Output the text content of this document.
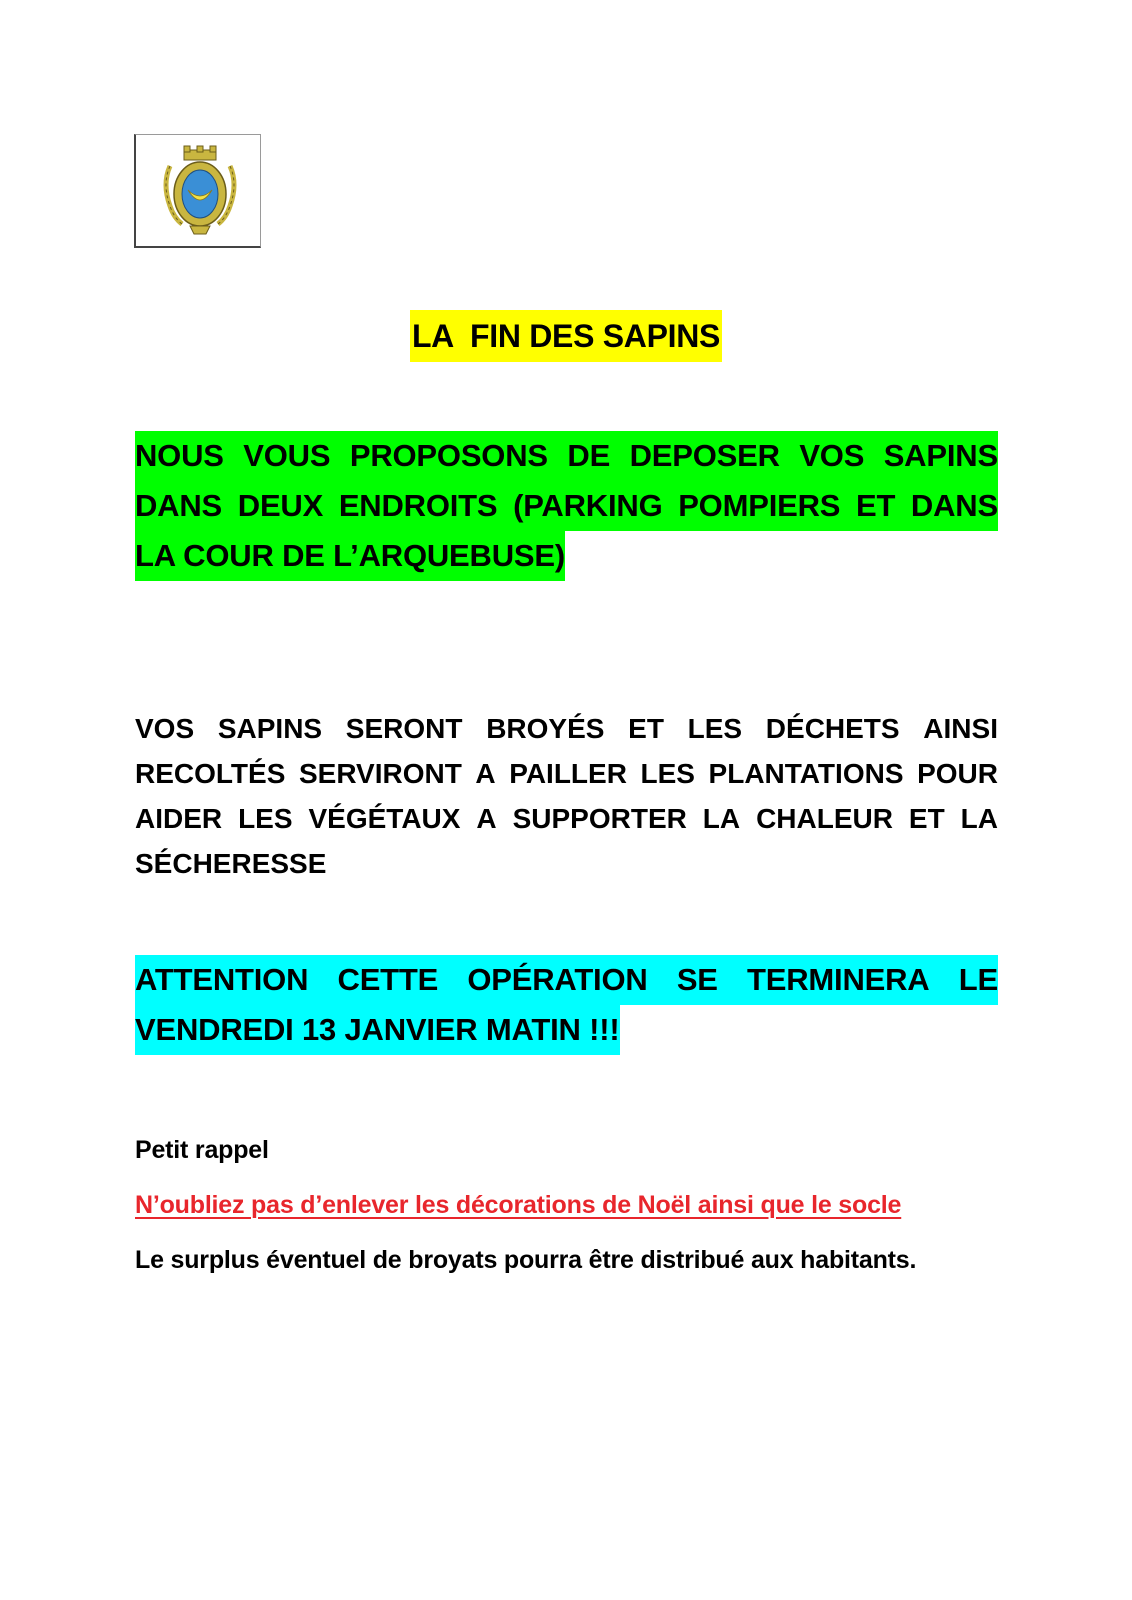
LA  FIN DES SAPINS
NOUS VOUS PROPOSONS DE DEPOSER VOS SAPINS
DANS DEUX ENDROITS (PARKING POMPIERS ET DANS
LA COUR DE L’ARQUEBUSE)
VOS SAPINS SERONT BROYÉS ET LES DÉCHETS AINSI
RECOLTÉS SERVIRONT A PAILLER LES PLANTATIONS POUR
AIDER LES VÉGÉTAUX A SUPPORTER LA CHALEUR ET LA
SÉCHERESSE
ATTENTION CETTE OPÉRATION SE TERMINERA LE
VENDREDI 13 JANVIER MATIN !!!
Petit rappel
N’oubliez pas d’enlever les décorations de Noël ainsi que le socle
Le surplus éventuel de broyats pourra être distribué aux habitants.
